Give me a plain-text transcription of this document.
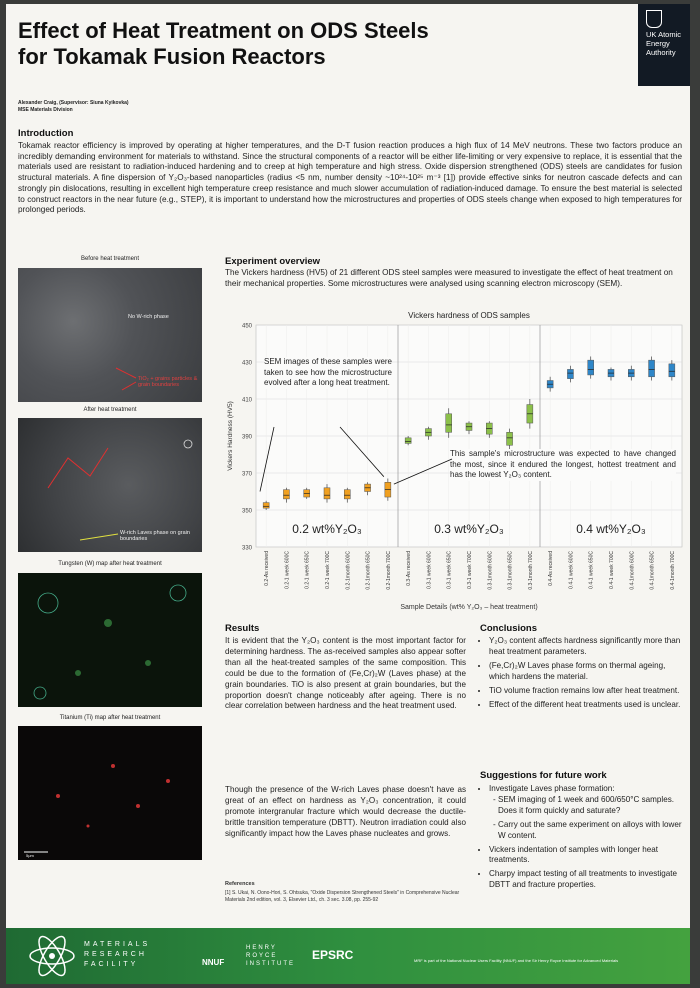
Effect of Heat Treatment on ODS Steels
for Tokamak Fusion Reactors
UK Atomic
Energy
Authority
Alexander Craig, (Supervisor: Siuna Kyikovka)
MSE Materials Division
Introduction
Tokamak reactor efficiency is improved by operating at higher temperatures, and the D-T fusion reaction produces a high flux of 14 MeV neutrons. These two factors produce an incredibly demanding environment for materials to withstand. Since the structural components of a reactor will be either life-limiting or very expensive to replace, it is essential that the materials used are resistant to radiation-induced hardening and to creep at high temperature and high stress. Oxide dispersion strengthened (ODS) steels are candidates for fusion structural materials. A fine dispersion of Y₂O₃-based nanoparticles (radius <5 nm, number density ~10²⁴-10²⁵ m⁻³ [1]) provide effective sinks for neutron cascade defects and can strongly pin dislocations, resulting in excellent high temperature creep resistance and much slower accumulation of radiation-induced damage. To ensure the best material is selected to construct reactors in the near future (e.g., STEP), it is important to understand how the microstructures and properties of ODS steels change when exposed to high temperatures for prolonged periods.
Before heat treatment
No W-rich phase
TiO₂ + grains particles & grain boundaries
After heat treatment
W-rich Laves phase on grain boundaries
Tungsten (W) map after heat treatment
Titanium (Ti) map after heat treatment
5μm
Experiment overview
The Vickers hardness (HV5) of 21 different ODS steel samples were measured to investigate the effect of heat treatment on their mechanical properties. Some microstructures were analysed using scanning electron microscopy (SEM).
Vickers hardness of ODS samples
330
350
370
390
410
430
450
0.2-As received	0.2-1 week 600C	0.2-1 week 650C	0.2-1 week 700C	0.2-1month 600C	0.2-1month 650C	0.2-1month 700C	0.3-As received	0.3-1 week 600C	0.3-1 week 650C	0.3-1 week 700C	0.3-1month 600C	0.3-1month 650C	0.3-1month 700C	0.4-As received	0.4-1 week 600C	0.4-1 week 650C	0.4-1 week 700C	0.4-1month 600C	0.4-1month 650C	0.4-1month 700C
0.2 wt%Y₂O₃	0.3 wt%Y₂O₃	0.4 wt%Y₂O₃
Vickers Hardness (HV5)
Sample Details (wt% Y₂O₃ – heat treatment)
SEM images of these samples were taken to see how the microstructure evolved after a long heat treatment.
This sample's microstructure was expected to have changed the most, since it endured the longest, hottest treatment and has the lowest Y₂O₃ content.
Results
It is evident that the Y₂O₃ content is the most important factor for determining hardness. The as-received samples also appear softer than all the heat-treated samples of the same composition. This could be due to the formation of (Fe,Cr)₂W (Laves phase) at the grain boundaries. TiO is also present at grain boundaries, but the proportion doesn't change noticeably after ageing. There is no clear correlation between hardness and the heat treatment used.
Though the presence of the W-rich Laves phase doesn't have as great of an effect on hardness as Y₂O₃ concentration, it could promote intergranular fracture which would decrease the ductile-brittle transition temperature (DBTT). Neutron irradiation could also significantly impact how the Laves phase nucleates and grows.
References
[1] S. Ukai, N. Oono-Hori, S. Ohtsuka, "Oxide Dispersion Strengthened Steels" in Comprehensive Nuclear Materials 2nd edition, vol. 3, Elsevier Ltd., ch. 3 sec. 3.08, pp. 255-92
Conclusions
• Y₂O₃ content affects hardness significantly more than heat treatment parameters.
• (Fe,Cr)₂W Laves phase forms on thermal ageing, which hardens the material.
• TiO volume fraction remains low after heat treatment.
• Effect of the different heat treatments used is unclear.
Suggestions for future work
• Investigate Laves phase formation:
- SEM imaging of 1 week and 600/650°C samples. Does it form quickly and saturate?
- Carry out the same experiment on alloys with lower W content.
• Vickers indentation of samples with longer heat treatments.
• Charpy impact testing of all treatments to investigate DBTT and fracture properties.
MATERIALS
RESEARCH
FACILITY	NNUF
HENRY
ROYCE
INSTITUTE
EPSRC	MRF is part of the National Nuclear Users Facility (NNUF) and the Sir Henry Royce Institute for Advanced Materials
